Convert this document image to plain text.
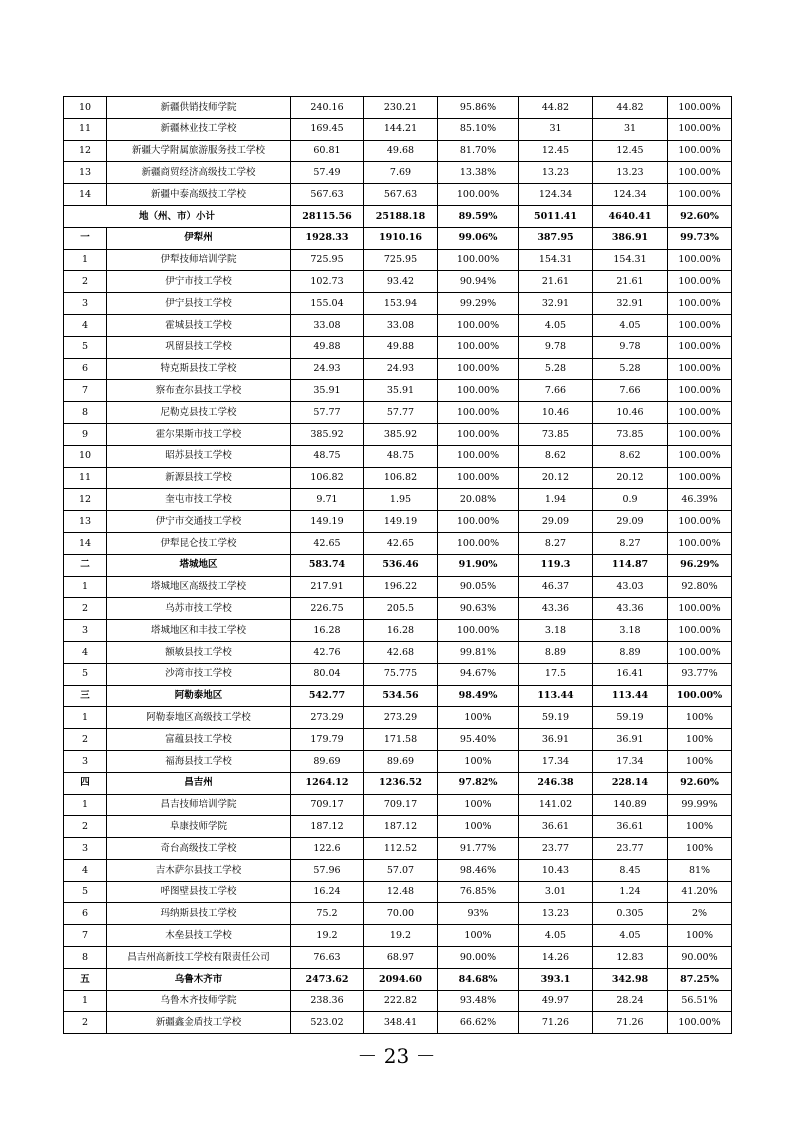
10	新疆供销技师学院	240.16	230.21	95.86%	44.82	44.82	100.00%
11	新疆林业技工学校	169.45	144.21	85.10%	31	31	100.00%
12	新疆大学附属旅游服务技工学校	60.81	49.68	81.70%	12.45	12.45	100.00%
13	新疆商贸经济高级技工学校	57.49	7.69	13.38%	13.23	13.23	100.00%
14	新疆中泰高级技工学校	567.63	567.63	100.00%	124.34	124.34	100.00%
地（州、市）小计		28115.56	25188.18	89.59%	5011.41	4640.41	92.60%
一	伊犁州	1928.33	1910.16	99.06%	387.95	386.91	99.73%
1	伊犁技师培训学院	725.95	725.95	100.00%	154.31	154.31	100.00%
2	伊宁市技工学校	102.73	93.42	90.94%	21.61	21.61	100.00%
3	伊宁县技工学校	155.04	153.94	99.29%	32.91	32.91	100.00%
4	霍城县技工学校	33.08	33.08	100.00%	4.05	4.05	100.00%
5	巩留县技工学校	49.88	49.88	100.00%	9.78	9.78	100.00%
6	特克斯县技工学校	24.93	24.93	100.00%	5.28	5.28	100.00%
7	察布查尔县技工学校	35.91	35.91	100.00%	7.66	7.66	100.00%
8	尼勒克县技工学校	57.77	57.77	100.00%	10.46	10.46	100.00%
9	霍尔果斯市技工学校	385.92	385.92	100.00%	73.85	73.85	100.00%
10	昭苏县技工学校	48.75	48.75	100.00%	8.62	8.62	100.00%
11	新源县技工学校	106.82	106.82	100.00%	20.12	20.12	100.00%
12	奎屯市技工学校	9.71	1.95	20.08%	1.94	0.9	46.39%
13	伊宁市交通技工学校	149.19	149.19	100.00%	29.09	29.09	100.00%
14	伊犁昆仑技工学校	42.65	42.65	100.00%	8.27	8.27	100.00%
二	塔城地区	583.74	536.46	91.90%	119.3	114.87	96.29%
1	塔城地区高级技工学校	217.91	196.22	90.05%	46.37	43.03	92.80%
2	乌苏市技工学校	226.75	205.5	90.63%	43.36	43.36	100.00%
3	塔城地区和丰技工学校	16.28	16.28	100.00%	3.18	3.18	100.00%
4	额敏县技工学校	42.76	42.68	99.81%	8.89	8.89	100.00%
5	沙湾市技工学校	80.04	75.775	94.67%	17.5	16.41	93.77%
三	阿勒泰地区	542.77	534.56	98.49%	113.44	113.44	100.00%
1	阿勒泰地区高级技工学校	273.29	273.29	100%	59.19	59.19	100%
2	富蕴县技工学校	179.79	171.58	95.40%	36.91	36.91	100%
3	福海县技工学校	89.69	89.69	100%	17.34	17.34	100%
四	昌吉州	1264.12	1236.52	97.82%	246.38	228.14	92.60%
1	昌吉技师培训学院	709.17	709.17	100%	141.02	140.89	99.99%
2	阜康技师学院	187.12	187.12	100%	36.61	36.61	100%
3	奇台高级技工学校	122.6	112.52	91.77%	23.77	23.77	100%
4	吉木萨尔县技工学校	57.96	57.07	98.46%	10.43	8.45	81%
5	呼图壁县技工学校	16.24	12.48	76.85%	3.01	1.24	41.20%
6	玛纳斯县技工学校	75.2	70.00	93%	13.23	0.305	2%
7	木垒县技工学校	19.2	19.2	100%	4.05	4.05	100%
8	昌吉州高新技工学校有限责任公司	76.63	68.97	90.00%	14.26	12.83	90.00%
五	乌鲁木齐市	2473.62	2094.60	84.68%	393.1	342.98	87.25%
1	乌鲁木齐技师学院	238.36	222.82	93.48%	49.97	28.24	56.51%
2	新疆鑫金盾技工学校	523.02	348.41	66.62%	71.26	71.26	100.00%
－ 23 －
